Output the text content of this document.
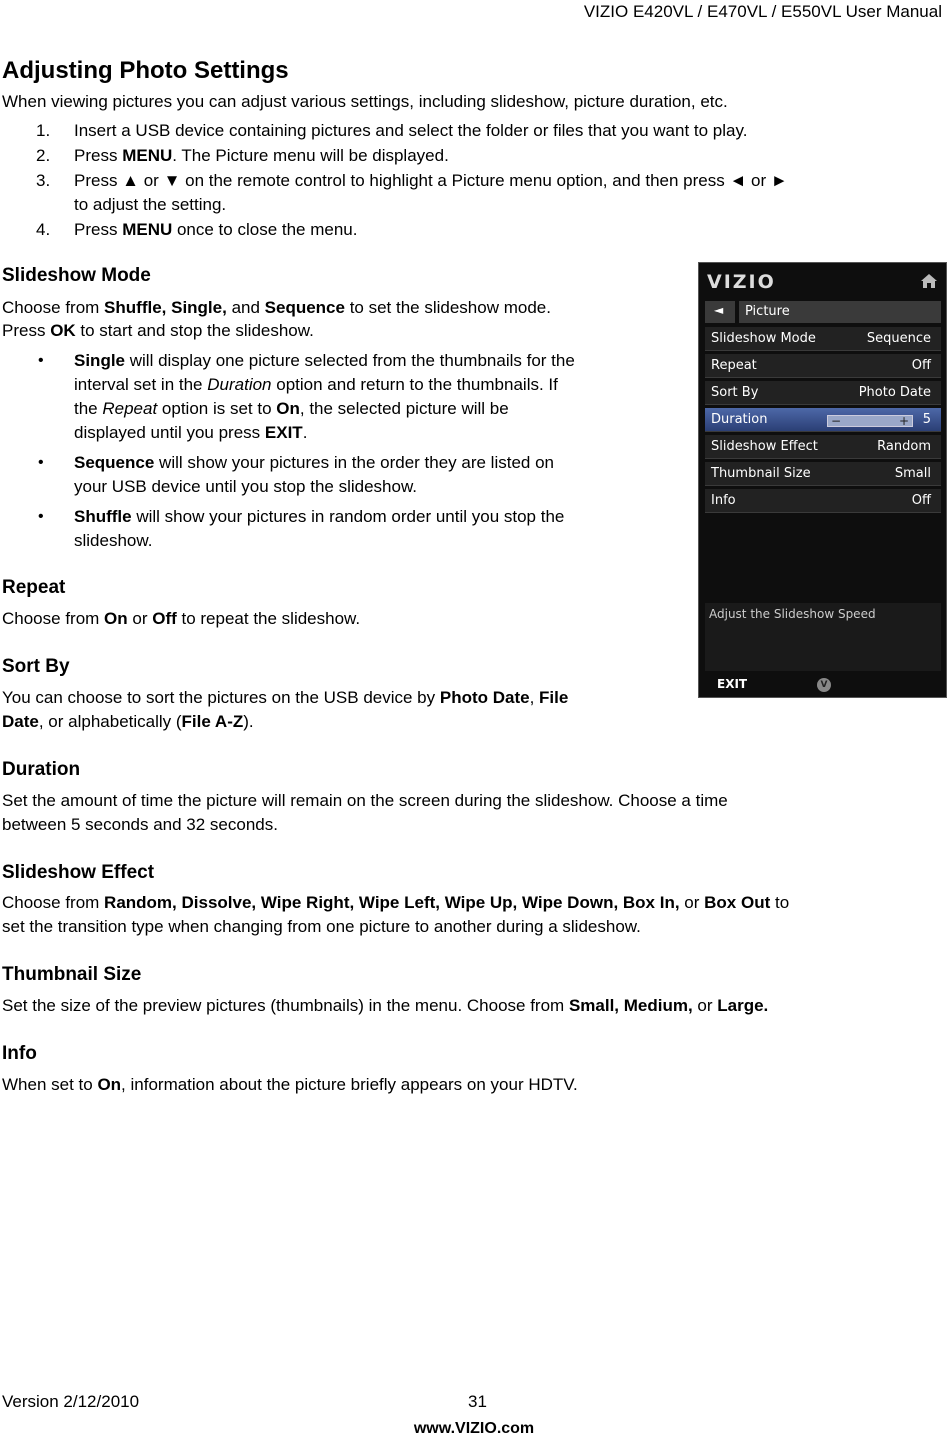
VIZIO E420VL / E470VL / E550VL User Manual
Adjusting Photo Settings
When viewing pictures you can adjust various settings, including slideshow, picture duration, etc.
1. Insert a USB device containing pictures and select the folder or files that you want to play.
2. Press MENU. The Picture menu will be displayed.
3. Press ▲ or ▼ on the remote control to highlight a Picture menu option, and then press ◄ or ►
to adjust the setting.
4. Press MENU once to close the menu.
Slideshow Mode
Choose from Shuffle, Single, and Sequence to set the slideshow mode.
Press OK to start and stop the slideshow.
• Single will display one picture selected from the thumbnails for the
interval set in the Duration option and return to the thumbnails. If
the Repeat option is set to On, the selected picture will be
displayed until you press EXIT.
• Sequence will show your pictures in the order they are listed on
your USB device until you stop the slideshow.
• Shuffle will show your pictures in random order until you stop the
slideshow.
Repeat
Choose from On or Off to repeat the slideshow.
Sort By
You can choose to sort the pictures on the USB device by Photo Date, File
Date, or alphabetically (File A-Z).
Duration
Set the amount of time the picture will remain on the screen during the slideshow. Choose a time
between 5 seconds and 32 seconds.
Slideshow Effect
Choose from Random, Dissolve, Wipe Right, Wipe Left, Wipe Up, Wipe Down, Box In, or Box Out to
set the transition type when changing from one picture to another during a slideshow.
Thumbnail Size
Set the size of the preview pictures (thumbnails) in the menu. Choose from Small, Medium, or Large.
Info
When set to On, information about the picture briefly appears on your HDTV.
VIZIO
◄	Picture
Slideshow Mode	Sequence
Repeat	Off
Sort By	Photo Date
Duration	−	+ 5
Slideshow Effect	Random
Thumbnail Size	Small
Info	Off
Adjust the Slideshow Speed
EXIT	V
Version 2/12/2010	31
www.VIZIO.com
